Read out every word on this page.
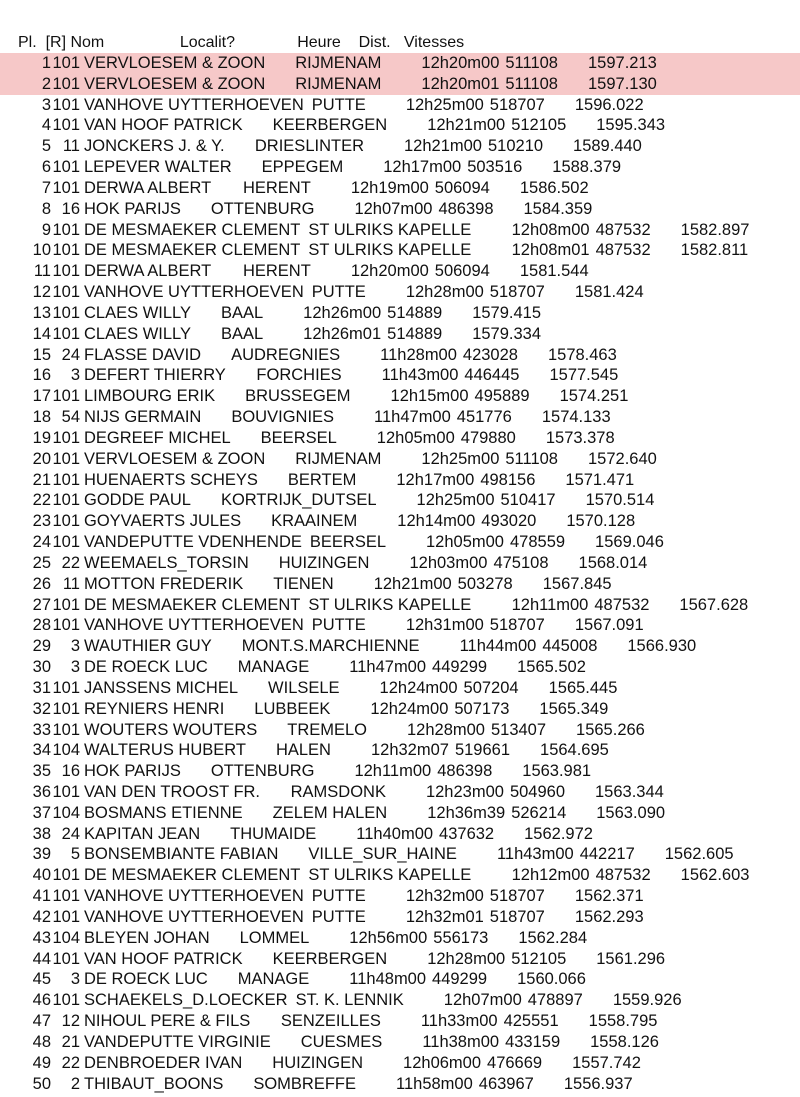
Pl. [R] Nom	Localit?	Heure Dist. Vitesses
1 101 VERVLOESEM & ZOON RIJMENAM 12h20m00 511108 1597.213
2 101 VERVLOESEM & ZOON RIJMENAM 12h20m01 511108 1597.130
3 101 VANHOVE UYTTERHOEVEN PUTTE 12h25m00 518707 1596.022
4 101 VAN HOOF PATRICK KEERBERGEN 12h21m00 512105 1595.343
5 11 JONCKERS J. & Y. DRIESLINTER 12h21m00 510210 1589.440
6 101 LEPEVER WALTER EPPEGEM 12h17m00 503516 1588.379
7 101 DERWA ALBERT HERENT 12h19m00 506094 1586.502
8 16 HOK PARIJS OTTENBURG 12h07m00 486398 1584.359
9 101 DE MESMAEKER CLEMENT ST ULRIKS KAPELLE 12h08m00 487532 1582.897
10 101 DE MESMAEKER CLEMENT ST ULRIKS KAPELLE 12h08m01 487532 1582.811
11 101 DERWA ALBERT HERENT 12h20m00 506094 1581.544
12 101 VANHOVE UYTTERHOEVEN PUTTE 12h28m00 518707 1581.424
13 101 CLAES WILLY BAAL 12h26m00 514889 1579.415
14 101 CLAES WILLY BAAL 12h26m01 514889 1579.334
15 24 FLASSE DAVID AUDREGNIES 11h28m00 423028 1578.463
16 3 DEFERT THIERRY FORCHIES 11h43m00 446445 1577.545
17 101 LIMBOURG ERIK BRUSSEGEM 12h15m00 495889 1574.251
18 54 NIJS GERMAIN BOUVIGNIES 11h47m00 451776 1574.133
19 101 DEGREEF MICHEL BEERSEL 12h05m00 479880 1573.378
20 101 VERVLOESEM & ZOON RIJMENAM 12h25m00 511108 1572.640
21 101 HUENAERTS SCHEYS BERTEM 12h17m00 498156 1571.471
22 101 GODDE PAUL KORTRIJK_DUTSEL 12h25m00 510417 1570.514
23 101 GOYVAERTS JULES KRAAINEM 12h14m00 493020 1570.128
24 101 VANDEPUTTE VDENHENDE BEERSEL 12h05m00 478559 1569.046
25 22 WEEMAELS_TORSIN HUIZINGEN 12h03m00 475108 1568.014
26 11 MOTTON FREDERIK TIENEN 12h21m00 503278 1567.845
27 101 DE MESMAEKER CLEMENT ST ULRIKS KAPELLE 12h11m00 487532 1567.628
28 101 VANHOVE UYTTERHOEVEN PUTTE 12h31m00 518707 1567.091
29 3 WAUTHIER GUY MONT.S.MARCHIENNE 11h44m00 445008 1566.930
30 3 DE ROECK LUC MANAGE 11h47m00 449299 1565.502
31 101 JANSSENS MICHEL WILSELE 12h24m00 507204 1565.445
32 101 REYNIERS HENRI LUBBEEK 12h24m00 507173 1565.349
33 101 WOUTERS WOUTERS TREMELO 12h28m00 513407 1565.266
34 104 WALTERUS HUBERT HALEN 12h32m07 519661 1564.695
35 16 HOK PARIJS OTTENBURG 12h11m00 486398 1563.981
36 101 VAN DEN TROOST FR. RAMSDONK 12h23m00 504960 1563.344
37 104 BOSMANS ETIENNE ZELEM HALEN 12h36m39 526214 1563.090
38 24 KAPITAN JEAN THUMAIDE 11h40m00 437632 1562.972
39 5 BONSEMBIANTE FABIAN VILLE_SUR_HAINE 11h43m00 442217 1562.605
40 101 DE MESMAEKER CLEMENT ST ULRIKS KAPELLE 12h12m00 487532 1562.603
41 101 VANHOVE UYTTERHOEVEN PUTTE 12h32m00 518707 1562.371
42 101 VANHOVE UYTTERHOEVEN PUTTE 12h32m01 518707 1562.293
43 104 BLEYEN JOHAN LOMMEL 12h56m00 556173 1562.284
44 101 VAN HOOF PATRICK KEERBERGEN 12h28m00 512105 1561.296
45 3 DE ROECK LUC MANAGE 11h48m00 449299 1560.066
46 101 SCHAEKELS_D.LOECKER ST. K. LENNIK 12h07m00 478897 1559.926
47 12 NIHOUL PERE & FILS SENZEILLES 11h33m00 425551 1558.795
48 21 VANDEPUTTE VIRGINIE CUESMES 11h38m00 433159 1558.126
49 22 DENBROEDER IVAN HUIZINGEN 12h06m00 476669 1557.742
50 2 THIBAUT_BOONS SOMBREFFE 11h58m00 463967 1556.937
